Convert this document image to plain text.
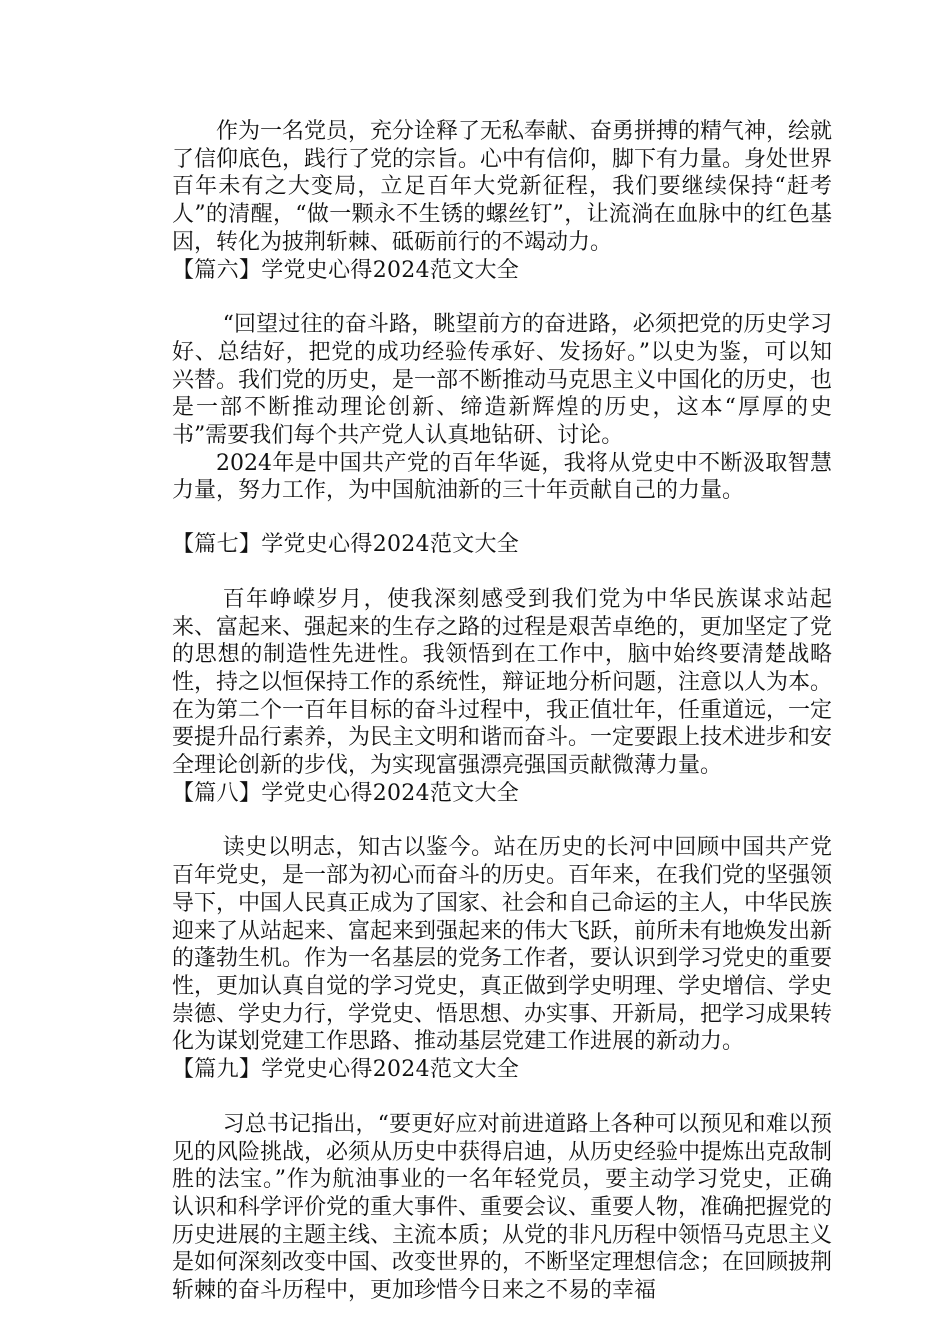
作为一名党员，充分诠释了无私奉献、奋勇拼搏的精气神，绘就了信仰底色，践行了党的宗旨。心中有信仰，脚下有力量。身处世界百年未有之大变局，立足百年大党新征程，我们要继续保持“赶考人”的清醒，“做一颗永不生锈的螺丝钉”，让流淌在血脉中的红色基因，转化为披荆斩棘、砥砺前行的不竭动力。

【篇六】学党史心得2024范文大全

“回望过往的奋斗路，眺望前方的奋进路，必须把党的历史学习好、总结好，把党的成功经验传承好、发扬好。”以史为鉴，可以知兴替。我们党的历史，是一部不断推动马克思主义中国化的历史，也是一部不断推动理论创新、缔造新辉煌的历史，这本“厚厚的史书”需要我们每个共产党人认真地钻研、讨论。

2024年是中国共产党的百年华诞，我将从党史中不断汲取智慧力量，努力工作，为中国航油新的三十年贡献自己的力量。

【篇七】学党史心得2024范文大全

百年峥嵘岁月，使我深刻感受到我们党为中华民族谋求站起来、富起来、强起来的生存之路的过程是艰苦卓绝的，更加坚定了党的思想的制造性先进性。我领悟到在工作中，脑中始终要清楚战略性，持之以恒保持工作的系统性，辩证地分析问题，注意以人为本。在为第二个一百年目标的奋斗过程中，我正值壮年，任重道远，一定要提升品行素养，为民主文明和谐而奋斗。一定要跟上技术进步和安全理论创新的步伐，为实现富强漂亮强国贡献微薄力量。

【篇八】学党史心得2024范文大全

读史以明志，知古以鉴今。站在历史的长河中回顾中国共产党百年党史，是一部为初心而奋斗的历史。百年来，在我们党的坚强领导下，中国人民真正成为了国家、社会和自己命运的主人，中华民族迎来了从站起来、富起来到强起来的伟大飞跃，前所未有地焕发出新的蓬勃生机。作为一名基层的党务工作者，要认识到学习党史的重要性，更加认真自觉的学习党史，真正做到学史明理、学史增信、学史崇德、学史力行，学党史、悟思想、办实事、开新局，把学习成果转化为谋划党建工作思路、推动基层党建工作进展的新动力。

【篇九】学党史心得2024范文大全

习总书记指出，“要更好应对前进道路上各种可以预见和难以预见的风险挑战，必须从历史中获得启迪，从历史经验中提炼出克敌制胜的法宝。”作为航油事业的一名年轻党员，要主动学习党史，正确认识和科学评价党的重大事件、重要会议、重要人物，准确把握党的历史进展的主题主线、主流本质；从党的非凡历程中领悟马克思主义是如何深刻改变中国、改变世界的，不断坚定理想信念；在回顾披荆斩棘的奋斗历程中，更加珍惜今日来之不易的幸福
